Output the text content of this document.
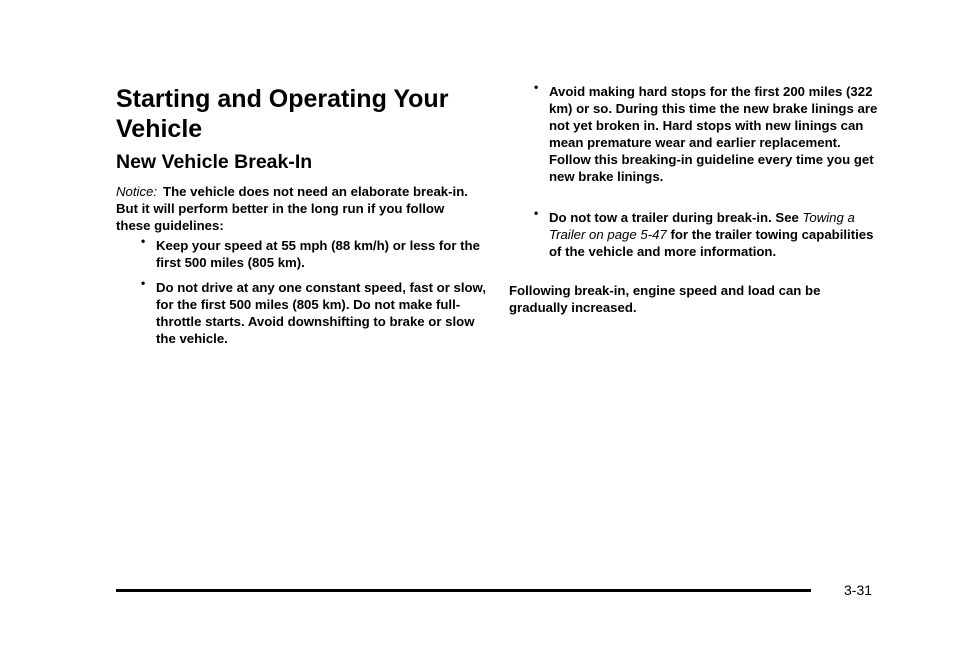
Starting and Operating Your Vehicle
New Vehicle Break-In

Notice: The vehicle does not need an elaborate break-in. But it will perform better in the long run if you follow these guidelines:

• Keep your speed at 55 mph (88 km/h) or less for the first 500 miles (805 km).
• Do not drive at any one constant speed, fast or slow, for the first 500 miles (805 km). Do not make full-throttle starts. Avoid downshifting to brake or slow the vehicle.
• Avoid making hard stops for the first 200 miles (322 km) or so. During this time the new brake linings are not yet broken in. Hard stops with new linings can mean premature wear and earlier replacement. Follow this breaking-in guideline every time you get new brake linings.
• Do not tow a trailer during break-in. See Towing a Trailer on page 5-47 for the trailer towing capabilities of the vehicle and more information.

Following break-in, engine speed and load can be gradually increased.

3-31
